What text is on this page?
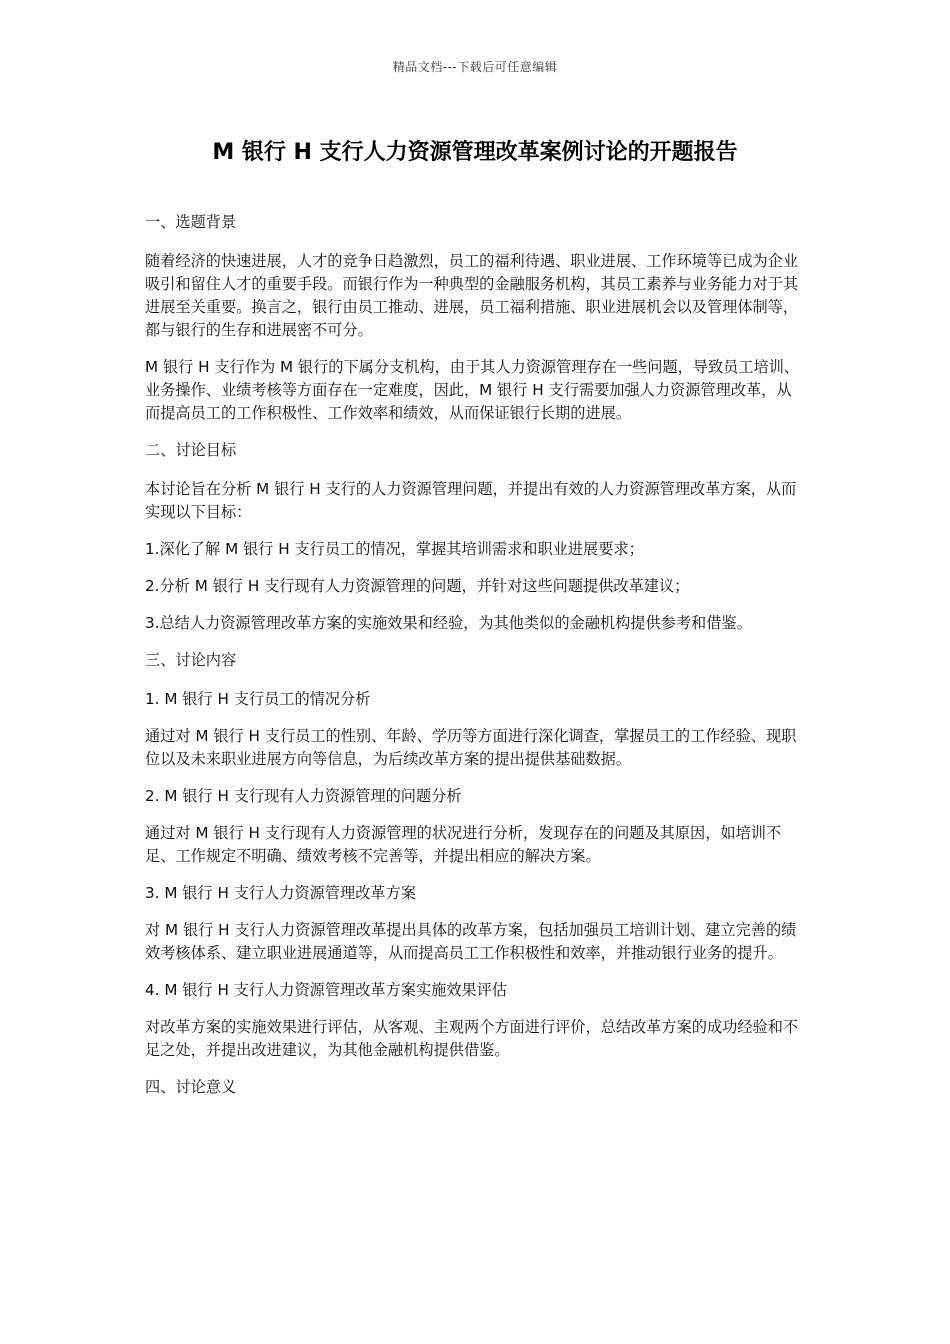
精品文档---下载后可任意编辑
M 银行 H 支行人力资源管理改革案例讨论的开题报告

一、选题背景

随着经济的快速进展，人才的竞争日趋激烈，员工的福利待遇、职业进展、工作环境等已成为企业吸引和留住人才的重要手段。而银行作为一种典型的金融服务机构，其员工素养与业务能力对于其进展至关重要。换言之，银行由员工推动、进展，员工福利措施、职业进展机会以及管理体制等，都与银行的生存和进展密不可分。

M 银行 H 支行作为 M 银行的下属分支机构，由于其人力资源管理存在一些问题，导致员工培训、业务操作、业绩考核等方面存在一定难度，因此，M 银行 H 支行需要加强人力资源管理改革，从而提高员工的工作积极性、工作效率和绩效，从而保证银行长期的进展。

二、讨论目标

本讨论旨在分析 M 银行 H 支行的人力资源管理问题，并提出有效的人力资源管理改革方案，从而实现以下目标：

1.深化了解 M 银行 H 支行员工的情况，掌握其培训需求和职业进展要求；

2.分析 M 银行 H 支行现有人力资源管理的问题，并针对这些问题提供改革建议；

3.总结人力资源管理改革方案的实施效果和经验，为其他类似的金融机构提供参考和借鉴。

三、讨论内容

1. M 银行 H 支行员工的情况分析

通过对 M 银行 H 支行员工的性别、年龄、学历等方面进行深化调查，掌握员工的工作经验、现职位以及未来职业进展方向等信息，为后续改革方案的提出提供基础数据。

2. M 银行 H 支行现有人力资源管理的问题分析

通过对 M 银行 H 支行现有人力资源管理的状况进行分析，发现存在的问题及其原因，如培训不足、工作规定不明确、绩效考核不完善等，并提出相应的解决方案。

3. M 银行 H 支行人力资源管理改革方案

对 M 银行 H 支行人力资源管理改革提出具体的改革方案，包括加强员工培训计划、建立完善的绩效考核体系、建立职业进展通道等，从而提高员工工作积极性和效率，并推动银行业务的提升。

4. M 银行 H 支行人力资源管理改革方案实施效果评估

对改革方案的实施效果进行评估，从客观、主观两个方面进行评价，总结改革方案的成功经验和不足之处，并提出改进建议，为其他金融机构提供借鉴。

四、讨论意义
